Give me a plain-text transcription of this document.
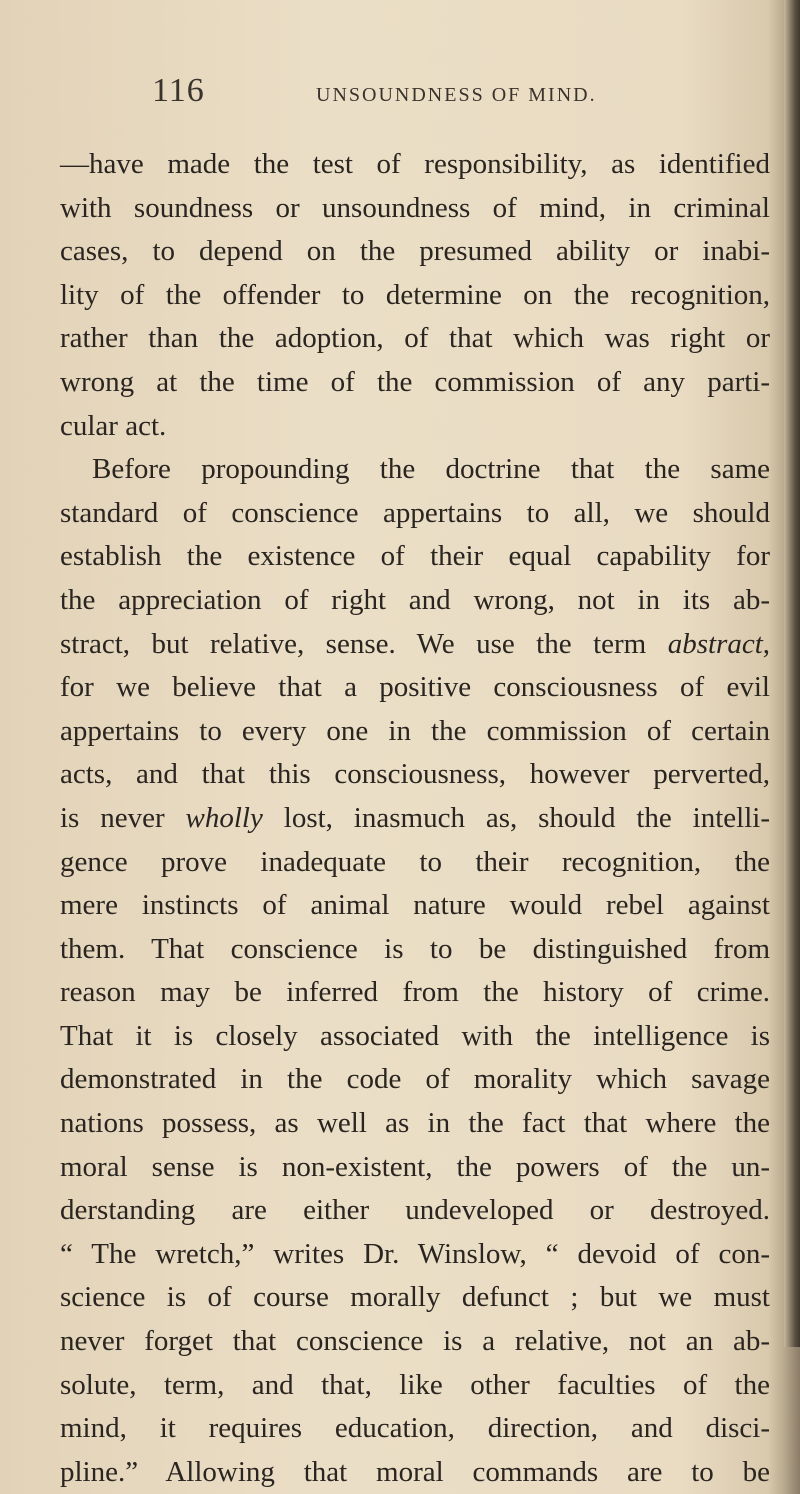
116	UNSOUNDNESS OF MIND.
—have made the test of responsibility, as identified
with soundness or unsoundness of mind, in criminal
cases, to depend on the presumed ability or inabi-
lity of the offender to determine on the recognition,
rather than the adoption, of that which was right or
wrong at the time of the commission of any parti-
cular act.
Before propounding the doctrine that the same
standard of conscience appertains to all, we should
establish the existence of their equal capability for
the appreciation of right and wrong, not in its ab-
stract, but relative, sense. We use the term abstract,
for we believe that a positive consciousness of evil
appertains to every one in the commission of certain
acts, and that this consciousness, however perverted,
is never wholly lost, inasmuch as, should the intelli-
gence prove inadequate to their recognition, the
mere instincts of animal nature would rebel against
them. That conscience is to be distinguished from
reason may be inferred from the history of crime.
That it is closely associated with the intelligence is
demonstrated in the code of morality which savage
nations possess, as well as in the fact that where the
moral sense is non-existent, the powers of the un-
derstanding are either undeveloped or destroyed.
“ The wretch,” writes Dr. Winslow, “ devoid of con-
science is of course morally defunct ; but we must
never forget that conscience is a relative, not an ab-
solute, term, and that, like other faculties of the
mind, it requires education, direction, and disci-
pline.” Allowing that moral commands are to be
